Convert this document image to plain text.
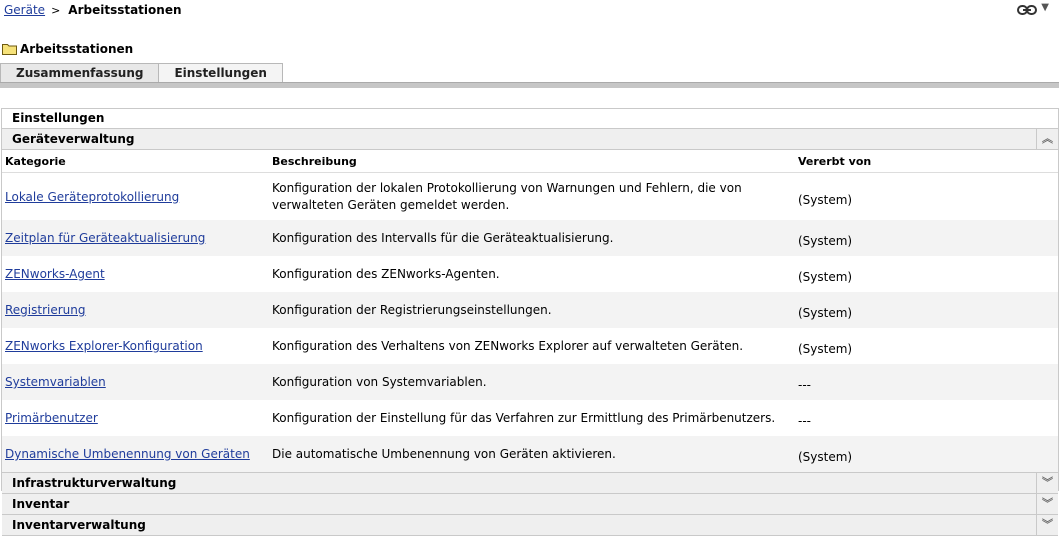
Geräte > Arbeitsstationen	▼
Arbeitsstationen
Zusammenfassung	Einstellungen
Einstellungen
Geräteverwaltung	︽
Kategorie	Beschreibung	Vererbt von
Lokale Geräteprotokollierung	Konfiguration der lokalen Protokollierung von Warnungen und Fehlern, die von verwalteten Geräten gemeldet werden.	(System)
Zeitplan für Geräteaktualisierung	Konfiguration des Intervalls für die Geräteaktualisierung.	(System)
ZENworks-Agent	Konfiguration des ZENworks-Agenten.	(System)
Registrierung	Konfiguration der Registrierungseinstellungen.	(System)
ZENworks Explorer-Konfiguration	Konfiguration des Verhaltens von ZENworks Explorer auf verwalteten Geräten.	(System)
Systemvariablen	Konfiguration von Systemvariablen.	---
Primärbenutzer	Konfiguration der Einstellung für das Verfahren zur Ermittlung des Primärbenutzers.	---
Dynamische Umbenennung von Geräten	Die automatische Umbenennung von Geräten aktivieren.	(System)
Infrastrukturverwaltung	︾
Inventar	︾
Inventarverwaltung	︾
